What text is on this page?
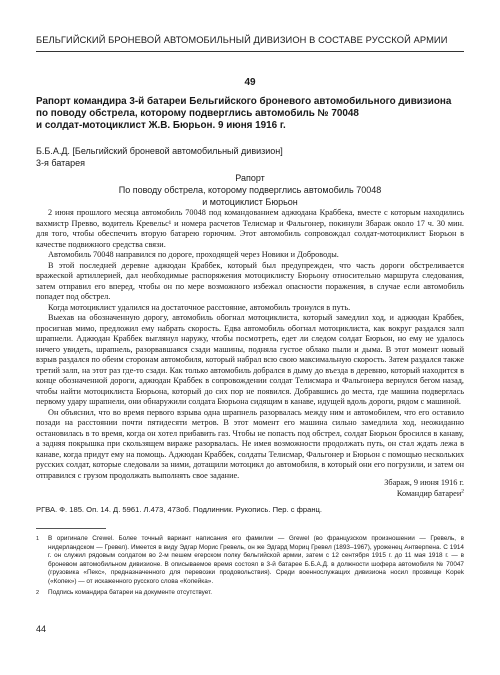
БЕЛЬГИЙСКИЙ БРОНЕВОЙ АВТОМОБИЛЬНЫЙ ДИВИЗИОН В СОСТАВЕ РУССКОЙ АРМИИ
49
Рапорт командира 3-й батареи Бельгийского броневого автомобильного дивизиона
по поводу обстрела, которому подверглись автомобиль № 70048
и солдат-мотоциклист Ж.В. Бюрьон. 9 июня 1916 г.
Б.Б.А.Д. [Бельгийский броневой автомобильный дивизион]
3-я батарея
Рапорт
По поводу обстрела, которому подверглись автомобиль 70048
и мотоциклист Бюрьон

2 июня прошлого месяца автомобиль 70048 под командованием аджюдана Краббека, вместе с которым находились вахмистр Превво, водитель Кревельс¹ и номера расчетов Телисмар и Фальгонер, покинули Збараж около 17 ч. 30 мин. для того, чтобы обеспечить вторую батарею горючим. Этот автомобиль сопровождал солдат-мотоциклист Бюрьон в качестве подвижного средства связи.

Автомобиль 70048 направился по дороге, проходящей через Новики и Доброводы.

В этой последней деревне аджюдан Краббек, который был предупрежден, что часть дороги обстреливается вражеской артиллерией, дал необходимые распоряжения мотоциклисту Бюрьону относительно маршрута следования, затем отправил его вперед, чтобы он по мере возможного избежал опасности поражения, в случае если автомобиль попадет под обстрел.

Когда мотоциклист удалился на достаточное расстояние, автомобиль тронулся в путь.

Выехав на обозначенную дорогу, автомобиль обогнал мотоциклиста, который замедлил ход, и аджюдан Краббек, просигнав мимо, предложил ему набрать скорость. Едва автомобиль обогнал мотоциклиста, как вокруг раздался залп шрапнели. Аджюдан Краббек выглянул наружу, чтобы посмотреть, едет ли следом солдат Бюрьон, но ему не удалось ничего увидеть, шрапнель, разорвавшаяся сзади машины, подняла густое облако пыли и дыма. В этот момент новый взрыв раздался по обеим сторонам автомобиля, который набрал всю свою максимальную скорость. Затем раздался также третий залп, на этот раз где-то сзади. Как только автомобиль добрался в дыму до въезда в деревню, который находится в конце обозначенной дороги, аджюдан Краббек в сопровождении солдат Телисмара и Фальгонера вернулся бегом назад, чтобы найти мотоциклиста Бюрьона, который до сих пор не появился. Добравшись до места, где машина подверглась первому удару шрапнели, они обнаружили солдата Бюрьона сидящим в канаве, идущей вдоль дороги, рядом с машиной.

Он объяснил, что во время первого взрыва одна шрапнель разорвалась между ним и автомобилем, что его оставило позади на расстоянии почти пятидесяти метров. В этот момент его машина сильно замедлила ход, неожиданно остановилась в то время, когда он хотел прибавить газ. Чтобы не попасть под обстрел, солдат Бюрьон бросился в канаву, а задняя покрышка при скользящем вираже разорвалась. Не имея возможности продолжать путь, он стал ждать лежа в канаве, когда придут ему на помощь. Аджюдан Краббек, солдаты Телисмар, Фальгонер и Бюрьон с помощью нескольких русских солдат, которые следовали за ними, дотащили мотоцикл до автомобиля, в который они его погрузили, и затем он отправился с грузом продолжать выполнять свое задание.

Збараж, 9 июня 1916 г.
Командир батареи$^2$
РГВА. Ф. 185. Оп. 14. Д. 5961. Л.473, 473об. Подлинник. Рукопись. Пер. с франц.
1	В оригинале Crewel. Более точный вариант написания его фамилии — Grewel (во французском произношении — Гревель, в нидерландском — Гревел). Имеется в виду Эдгар Морис Гревель, он же Эдгард Мориц Гревел (1893–1967), уроженец Антверпена. С 1914 г. он служил рядовым солдатом во 2-м пешем егерском полку бельгийской армии, затем с 12 сентября 1915 г. до 11 мая 1918 г. — в броневом автомобильном дивизионе. В описываемое время состоял в 3-й батарее Б.Б.А.Д. в должности шофера автомобиля № 70047 (грузовика «Пекс», предназначенного для перевозки продовольствия). Среди военнослужащих дивизиона носил прозвище Kopek («Копек») — от искаженного русского слова «Копейка».
2	Подпись командира батареи на документе отсутствует.
44
